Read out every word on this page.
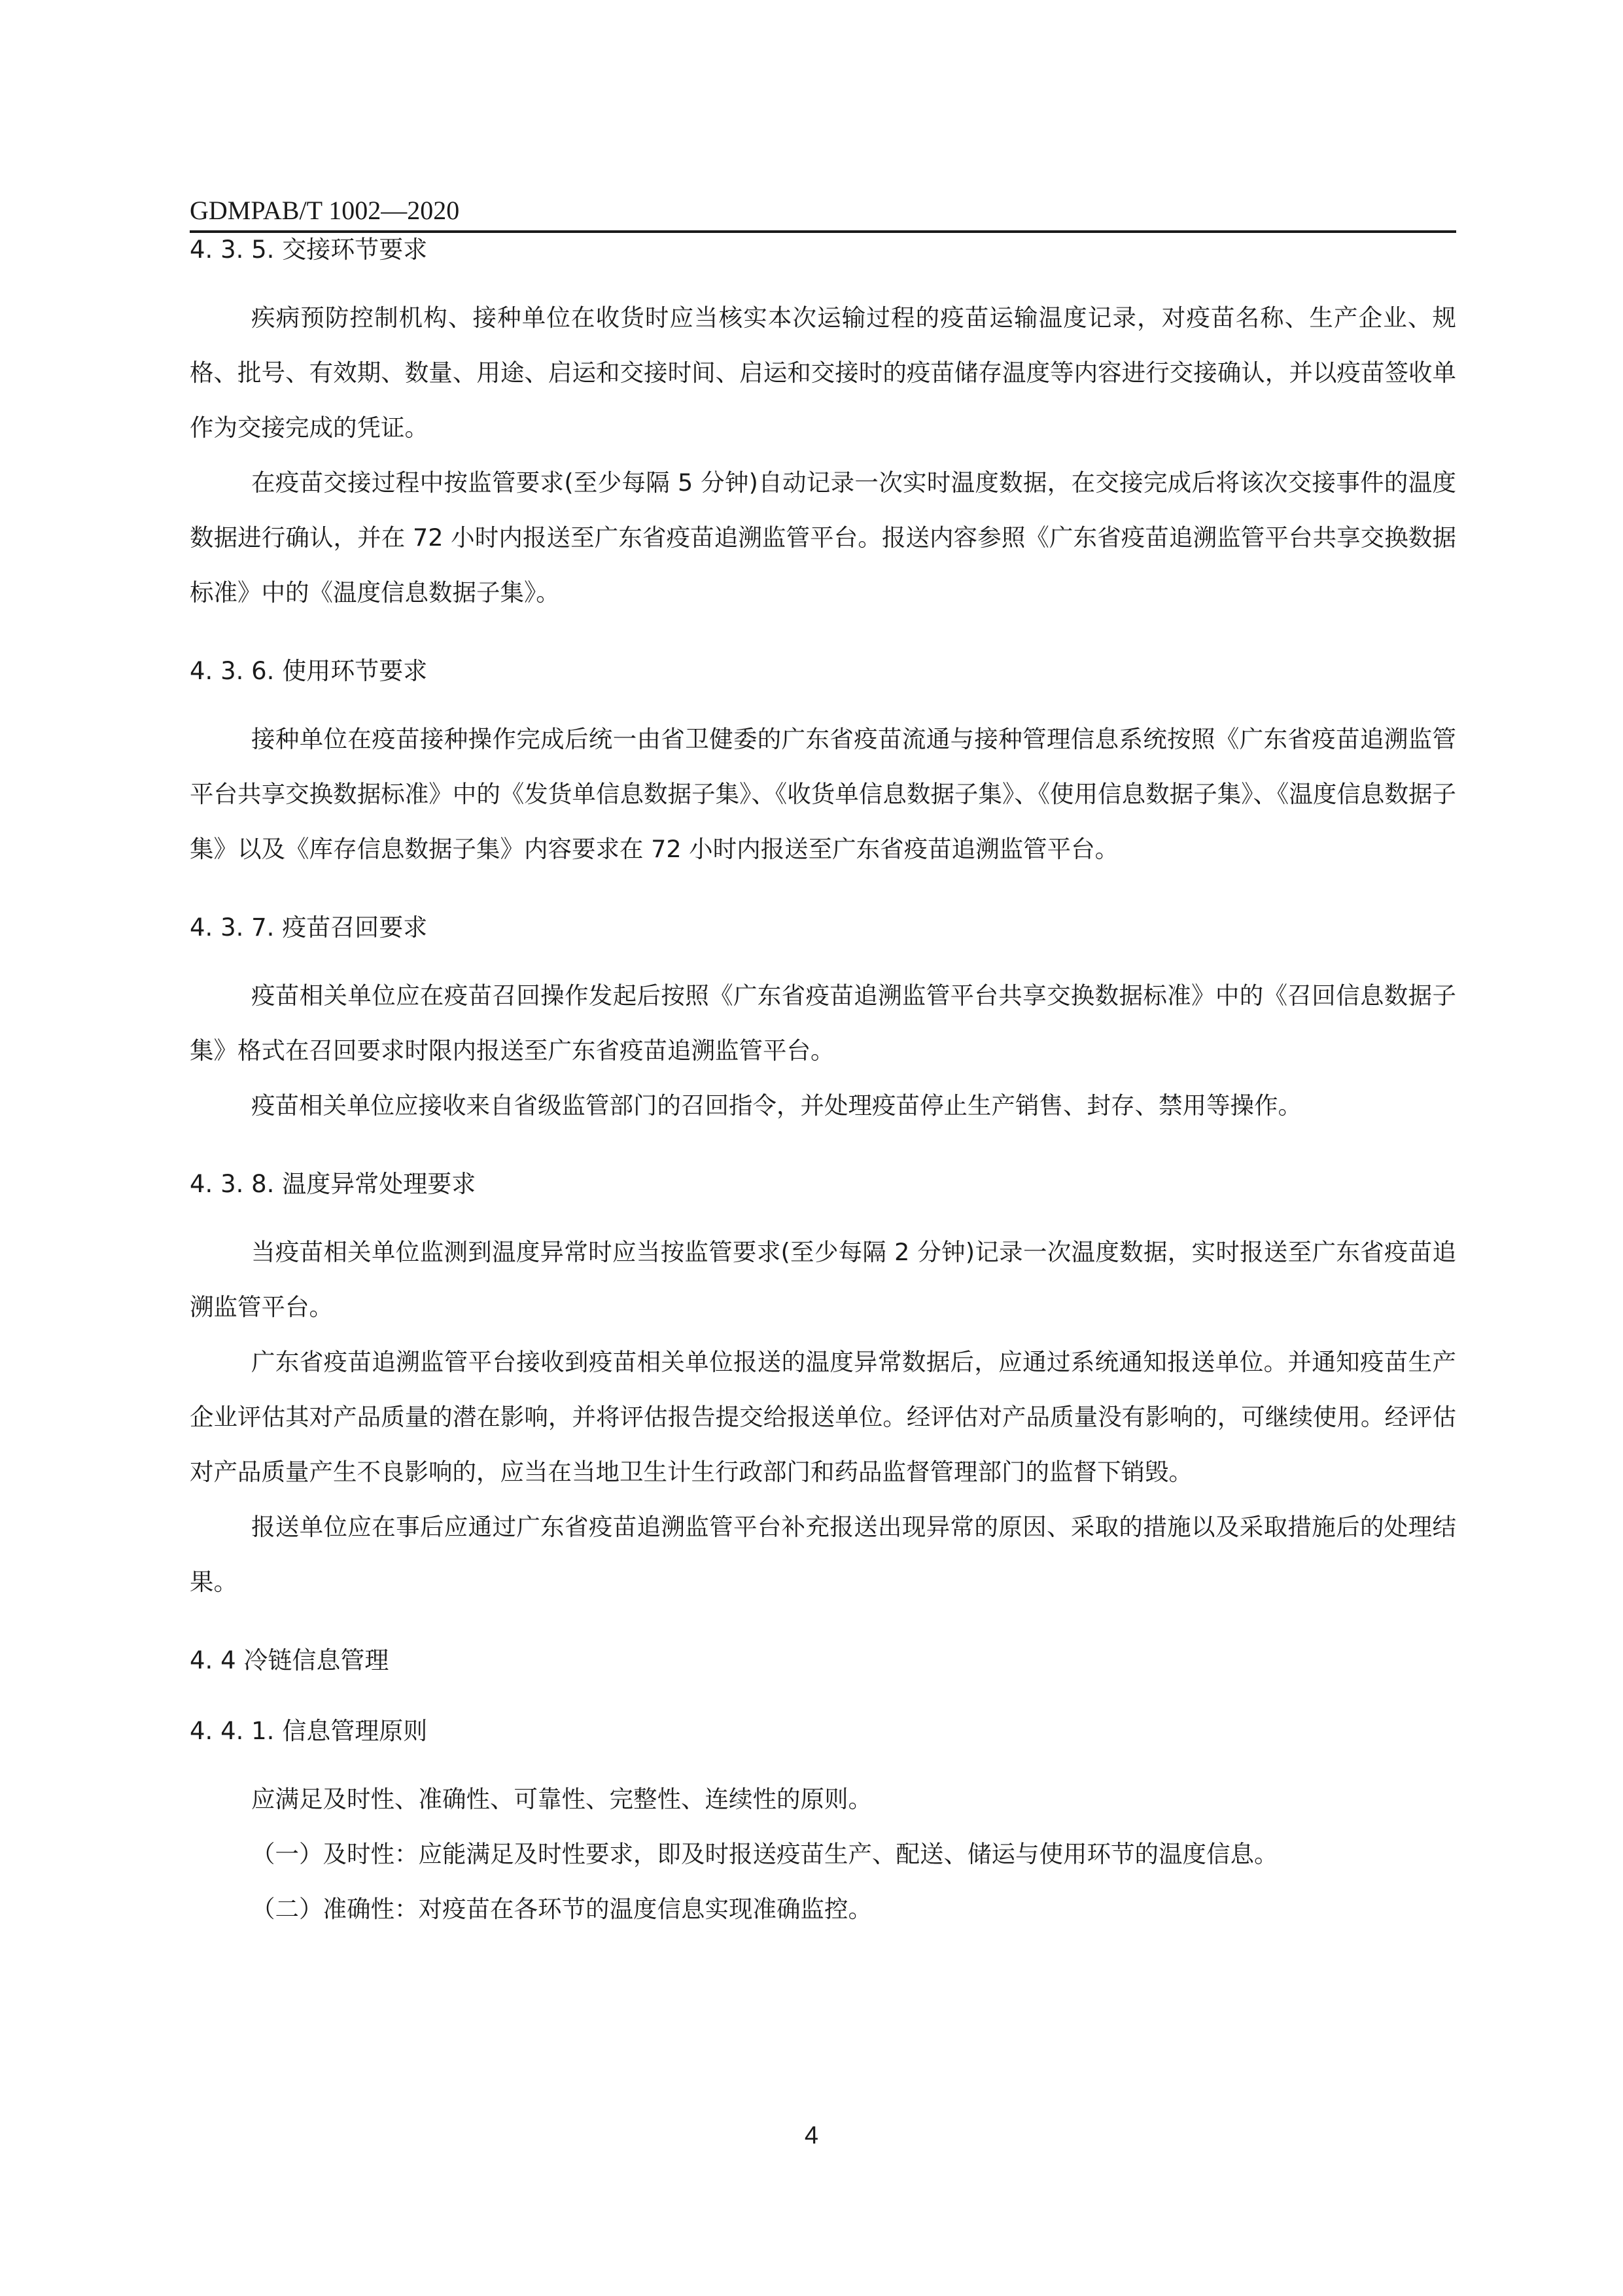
GDMPAB/T 1002—2020
4. 3. 5. 交接环节要求

疾病预防控制机构、接种单位在收货时应当核实本次运输过程的疫苗运输温度记录，对疫苗名称、生产企业、规格、批号、有效期、数量、用途、启运和交接时间、启运和交接时的疫苗储存温度等内容进行交接确认，并以疫苗签收单作为交接完成的凭证。

在疫苗交接过程中按监管要求(至少每隔 5 分钟)自动记录一次实时温度数据，在交接完成后将该次交接事件的温度数据进行确认，并在 72 小时内报送至广东省疫苗追溯监管平台。报送内容参照《广东省疫苗追溯监管平台共享交换数据标准》中的《温度信息数据子集》。

4. 3. 6. 使用环节要求

接种单位在疫苗接种操作完成后统一由省卫健委的广东省疫苗流通与接种管理信息系统按照《广东省疫苗追溯监管平台共享交换数据标准》中的《发货单信息数据子集》、《收货单信息数据子集》、《使用信息数据子集》、《温度信息数据子集》以及《库存信息数据子集》内容要求在 72 小时内报送至广东省疫苗追溯监管平台。

4. 3. 7. 疫苗召回要求

疫苗相关单位应在疫苗召回操作发起后按照《广东省疫苗追溯监管平台共享交换数据标准》中的《召回信息数据子集》格式在召回要求时限内报送至广东省疫苗追溯监管平台。

疫苗相关单位应接收来自省级监管部门的召回指令，并处理疫苗停止生产销售、封存、禁用等操作。

4. 3. 8. 温度异常处理要求

当疫苗相关单位监测到温度异常时应当按监管要求(至少每隔 2 分钟)记录一次温度数据，实时报送至广东省疫苗追溯监管平台。

广东省疫苗追溯监管平台接收到疫苗相关单位报送的温度异常数据后，应通过系统通知报送单位。并通知疫苗生产企业评估其对产品质量的潜在影响，并将评估报告提交给报送单位。经评估对产品质量没有影响的，可继续使用。经评估对产品质量产生不良影响的，应当在当地卫生计生行政部门和药品监督管理部门的监督下销毁。

报送单位应在事后应通过广东省疫苗追溯监管平台补充报送出现异常的原因、采取的措施以及采取措施后的处理结果。

4. 4 冷链信息管理
4. 4. 1. 信息管理原则

应满足及时性、准确性、可靠性、完整性、连续性的原则。

（一）及时性：应能满足及时性要求，即及时报送疫苗生产、配送、储运与使用环节的温度信息。

（二）准确性：对疫苗在各环节的温度信息实现准确监控。

4
